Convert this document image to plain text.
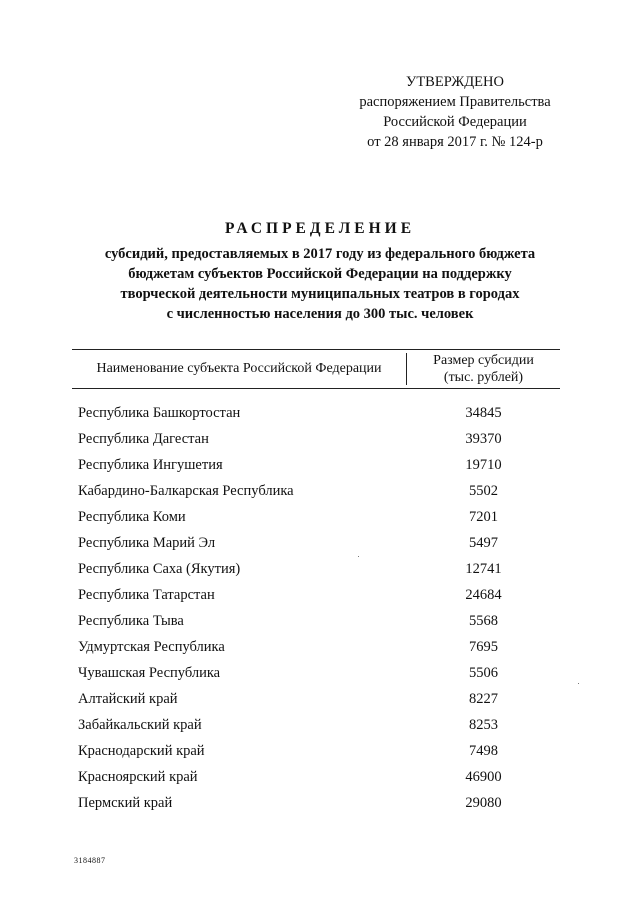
УТВЕРЖДЕНО
распоряжением Правительства
Российской Федерации
от 28 января 2017 г. № 124-р
РАСПРЕДЕЛЕНИЕ
субсидий, предоставляемых в 2017 году из федерального бюджета
бюджетам субъектов Российской Федерации на поддержку
творческой деятельности муниципальных театров в городах
с численностью населения до 300 тыс. человек
Наименование субъекта Российской Федерации
Размер субсидии
(тыс. рублей)
Республика Башкортостан	34845
Республика Дагестан	39370
Республика Ингушетия	19710
Кабардино-Балкарская Республика	5502
Республика Коми	7201
Республика Марий Эл	5497
Республика Саха (Якутия)	12741
Республика Татарстан	24684
Республика Тыва	5568
Удмуртская Республика	7695
Чувашская Республика	5506
Алтайский край	8227
Забайкальский край	8253
Краснодарский край	7498
Красноярский край	46900
Пермский край	29080
3184887
